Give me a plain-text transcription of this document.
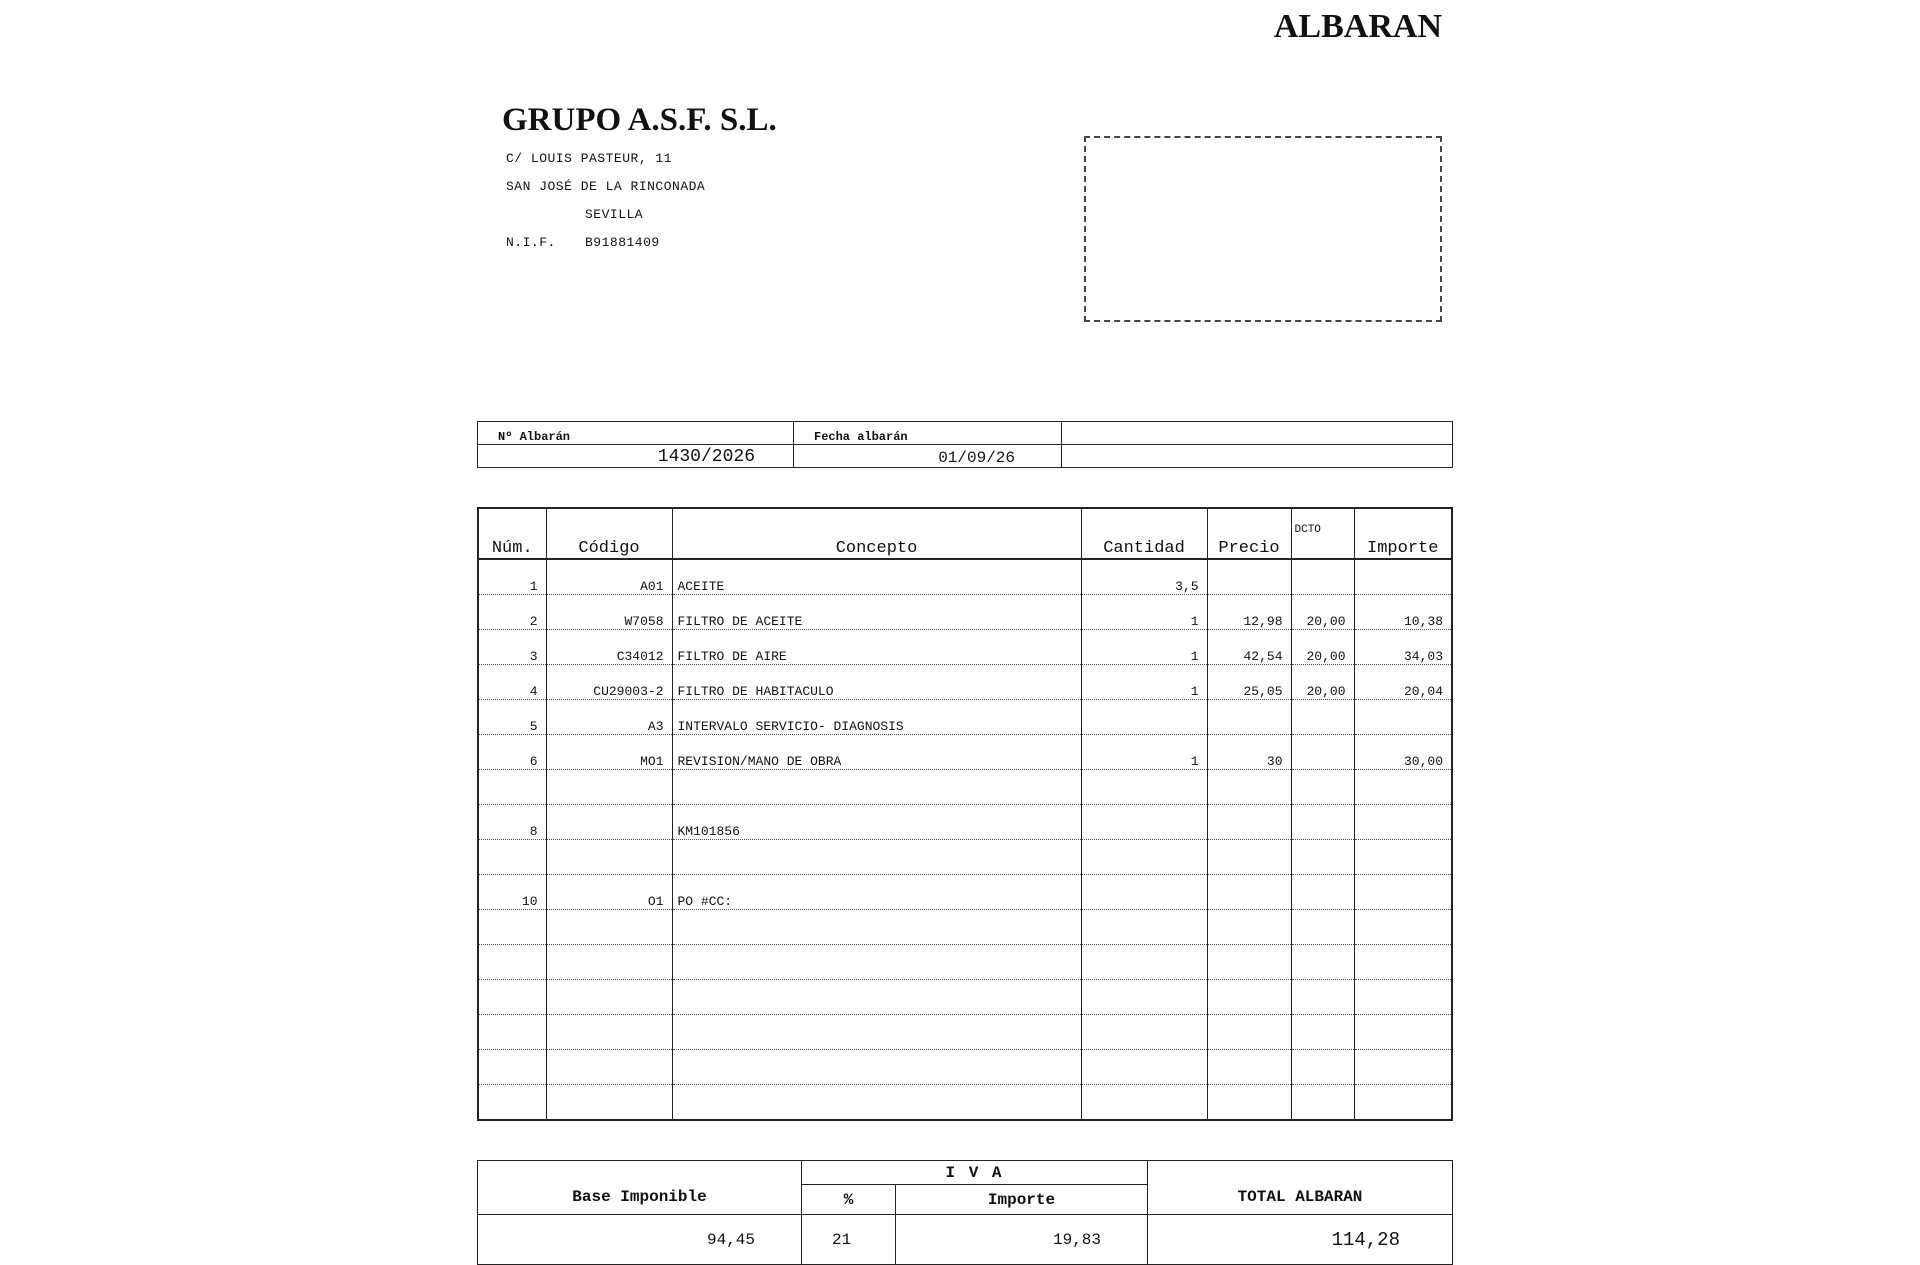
ALBARAN
GRUPO A.S.F. S.L.
C/ LOUIS PASTEUR, 11
SAN JOSÉ DE LA RINCONADA
SEVILLA
N.I.F. B91881409
Nº Albarán	Fecha albarán	
1430/2026	01/09/26	
Núm.	Código	Concepto	Cantidad	Precio	DCTO	Importe
1	A01	ACEITE	3,5			
2	W7058	FILTRO DE ACEITE	1	12,98	20,00	10,38
3	C34012	FILTRO DE AIRE	1	42,54	20,00	34,03
4	CU29003-2	FILTRO DE HABITACULO	1	25,05	20,00	20,04
5	A3	INTERVALO SERVICIO- DIAGNOSIS				
6	MO1	REVISION/MANO DE OBRA	1	30		30,00

8		KM101856				

10	O1	PO #CC:				

Base Imponible	I V A		TOTAL ALBARAN
	%	Importe	
94,45	21	19,83	114,28
